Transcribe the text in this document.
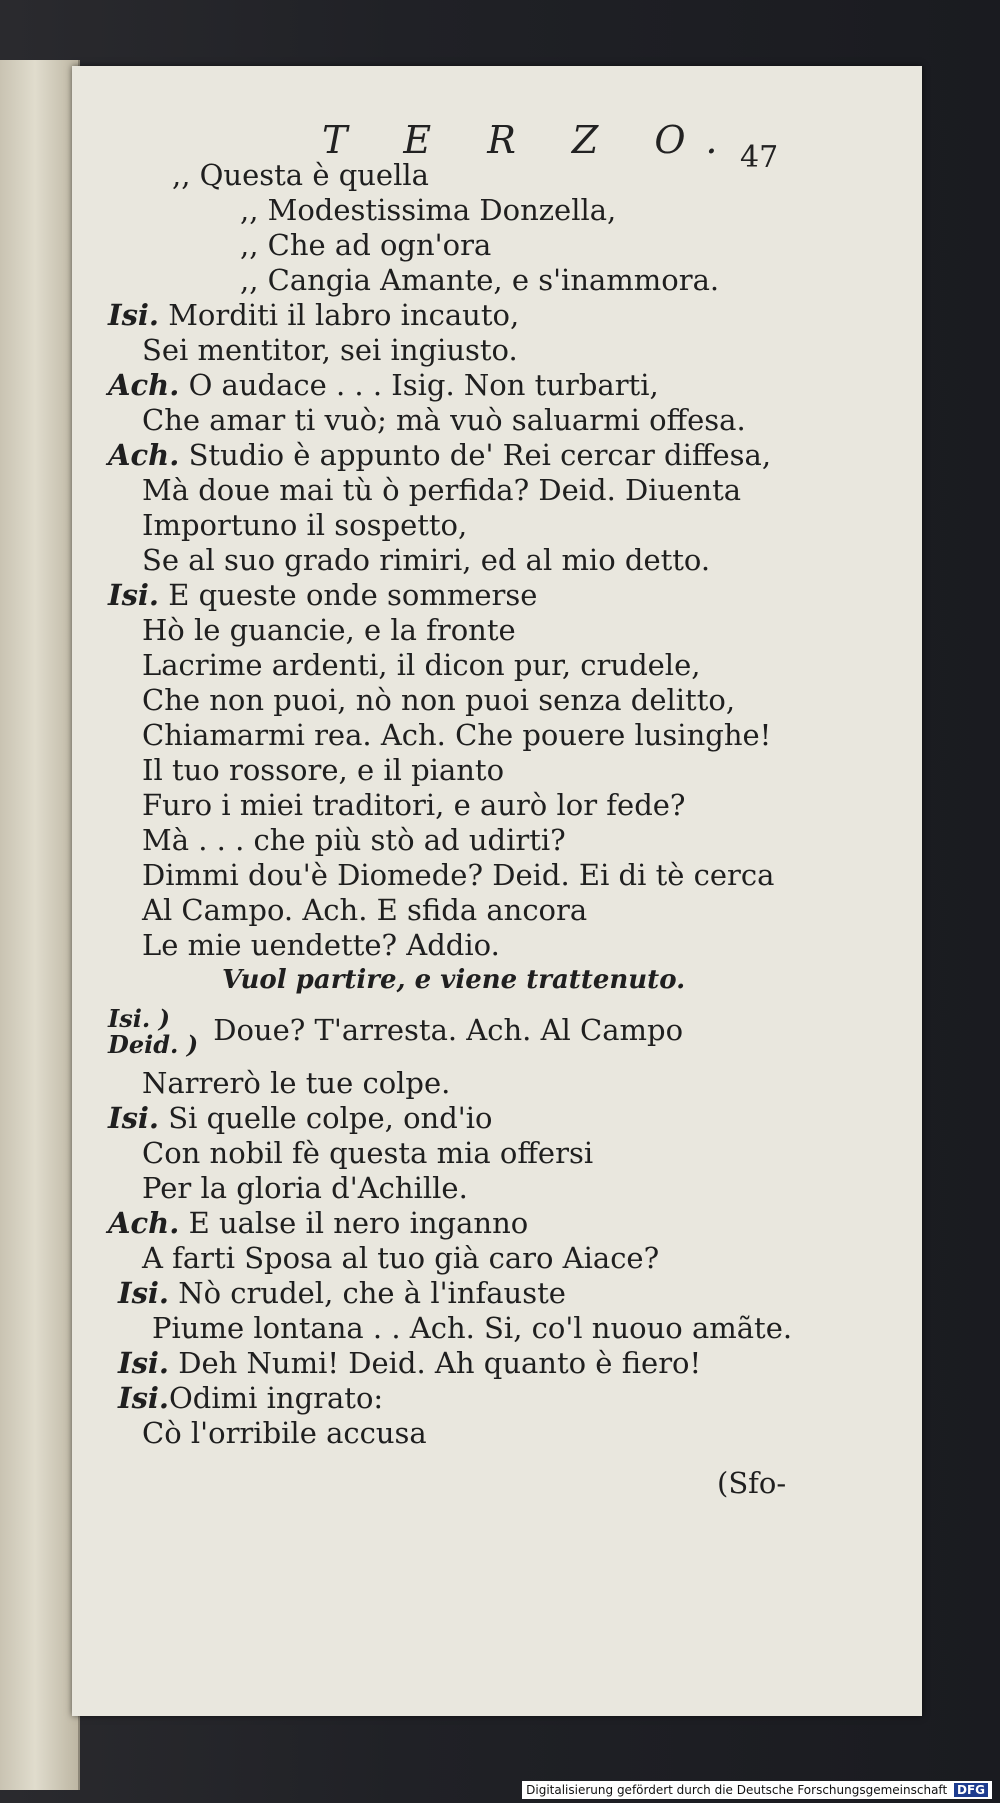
T E R Z O. 47
,, Questa è quella
,, Modestissima Donzella,
,, Che ad ogn'ora
,, Cangia Amante, e s'inammora.
Isi. Morditi il labro incauto,
Sei mentitor, sei ingiusto.
Ach. O audace . . . Isig. Non turbarti,
Che amar ti vuò; mà vuò saluarmi offesa.
Ach. Studio è appunto de' Rei cercar diffesa,
Mà doue mai tù ò perfida? Deid. Diuenta
Importuno il sospetto,
Se al suo grado rimiri, ed al mio detto.
Isi. E queste onde sommerse
Hò le guancie, e la fronte
Lacrime ardenti, il dicon pur, crudele,
Che non puoi, nò non puoi senza delitto,
Chiamarmi rea. Ach. Che pouere lusinghe!
Il tuo rossore, e il pianto
Furo i miei traditori, e aurò lor fede?
Mà . . . che più stò ad udirti?
Dimmi dou'è Diomede? Deid. Ei di tè cerca
Al Campo. Ach. E sfida ancora
Le mie uendette? Addio.
Vuol partire, e viene trattenuto.
Isi. ) Deid. ) Doue? T'arresta. Ach. Al Campo
Narrerò le tue colpe.
Isi. Si quelle colpe, ond'io
Con nobil fè questa mia offersi
Per la gloria d'Achille.
Ach. E ualse il nero inganno
A farti Sposa al tuo già caro Aiace?
Isi. Nò crudel, che à l'infauste
Piume lontana . . Ach. Si, co'l nuouo amãte.
Isi. Deh Numi! Deid. Ah quanto è fiero!
Isi.Odimi ingrato:
Cò l'orribile accusa
(Sfo-
Digitalisierung gefördert durch die Deutsche Forschungsgemeinschaft DFG
